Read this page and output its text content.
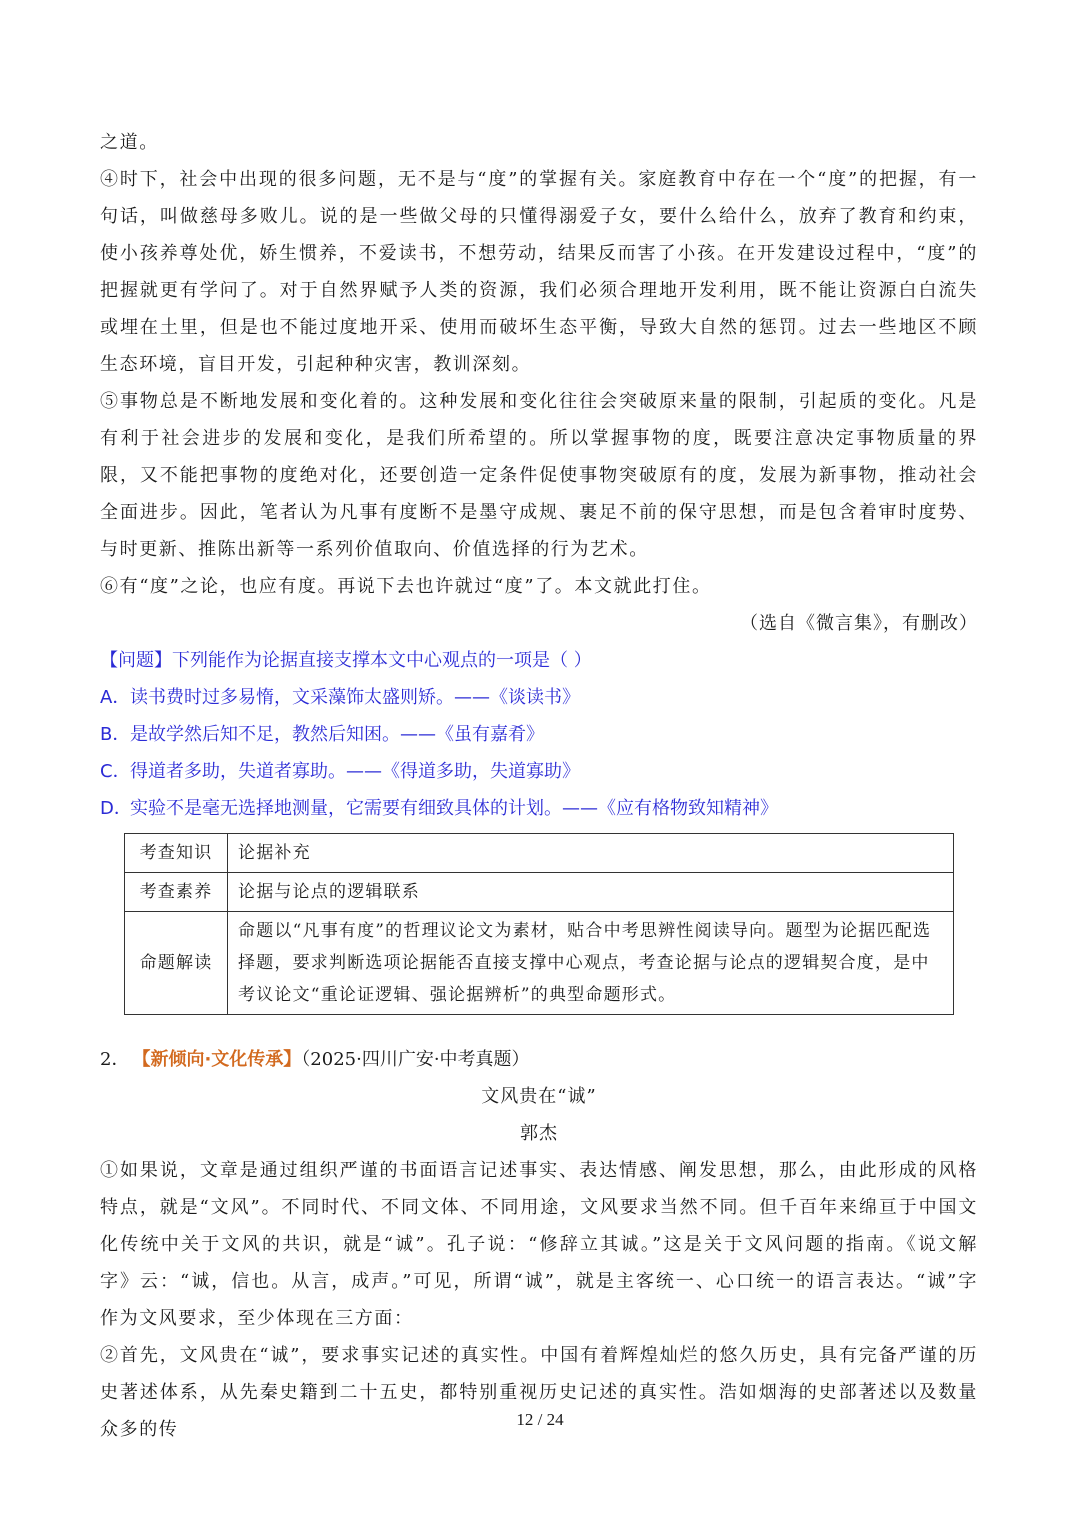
之道。

④时下，社会中出现的很多问题，无不是与“度”的掌握有关。家庭教育中存在一个“度”的把握，有一句话，叫做慈母多败儿。说的是一些做父母的只懂得溺爱子女，要什么给什么，放弃了教育和约束，使小孩养尊处优，娇生惯养，不爱读书，不想劳动，结果反而害了小孩。在开发建设过程中，“度”的把握就更有学问了。对于自然界赋予人类的资源，我们必须合理地开发利用，既不能让资源白白流失或埋在土里，但是也不能过度地开采、使用而破坏生态平衡，导致大自然的惩罚。过去一些地区不顾生态环境，盲目开发，引起种种灾害，教训深刻。

⑤事物总是不断地发展和变化着的。这种发展和变化往往会突破原来量的限制，引起质的变化。凡是有利于社会进步的发展和变化，是我们所希望的。所以掌握事物的度，既要注意决定事物质量的界限，又不能把事物的度绝对化，还要创造一定条件促使事物突破原有的度，发展为新事物，推动社会全面进步。因此，笔者认为凡事有度断不是墨守成规、裹足不前的保守思想，而是包含着审时度势、与时更新、推陈出新等一系列价值取向、价值选择的行为艺术。

⑥有“度”之论，也应有度。再说下去也许就过“度”了。本文就此打住。

（选自《微言集》，有删改）

【问题】下列能作为论据直接支撑本文中心观点的一项是（ ）

A．读书费时过多易惰，文采藻饰太盛则矫。——《谈读书》

B．是故学然后知不足，教然后知困。——《虽有嘉肴》

C．得道者多助，失道者寡助。——《得道多助，失道寡助》

D．实验不是毫无选择地测量，它需要有细致具体的计划。——《应有格物致知精神》

考查知识	论据补充
考查素养	论据与论点的逻辑联系
命题解读	命题以“凡事有度”的哲理议论文为素材，贴合中考思辨性阅读导向。题型为论据匹配选择题，要求判断选项论据能否直接支撑中心观点，考查论据与论点的逻辑契合度，是中考议论文“重论证逻辑、强论据辨析”的典型命题形式。

2． 【新倾向·文化传承】（2025·四川广安·中考真题）

文风贵在“诚”

郭杰

①如果说，文章是通过组织严谨的书面语言记述事实、表达情感、阐发思想，那么，由此形成的风格特点，就是“文风”。不同时代、不同文体、不同用途，文风要求当然不同。但千百年来绵亘于中国文化传统中关于文风的共识，就是“诚”。孔子说：“修辞立其诚。”这是关于文风问题的指南。《说文解字》云：“诚，信也。从言，成声。”可见，所谓“诚”，就是主客统一、心口统一的语言表达。“诚”字作为文风要求，至少体现在三方面：

②首先，文风贵在“诚”，要求事实记述的真实性。中国有着辉煌灿烂的悠久历史，具有完备严谨的历史著述体系，从先秦史籍到二十五史，都特别重视历史记述的真实性。浩如烟海的史部著述以及数量众多的传	12 / 24
